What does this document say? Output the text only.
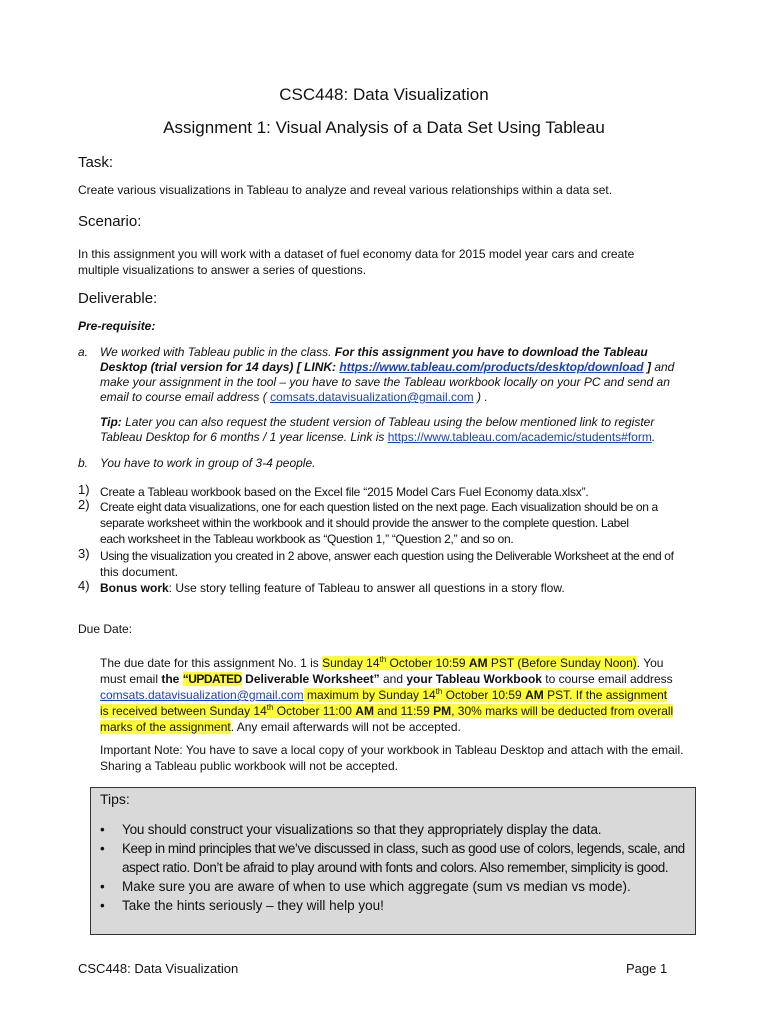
CSC448: Data Visualization
Assignment 1: Visual Analysis of a Data Set Using Tableau
Task:
Create various visualizations in Tableau to analyze and reveal various relationships within a data set.
Scenario:
In this assignment you will work with a dataset of fuel economy data for 2015 model year cars and create
multiple visualizations to answer a series of questions.
Deliverable:
Pre-requisite:
a. We worked with Tableau public in the class. For this assignment you have to download the Tableau
Desktop (trial version for 14 days) [ LINK: https://www.tableau.com/products/desktop/download ] and
make your assignment in the tool – you have to save the Tableau workbook locally on your PC and send an
email to course email address ( comsats.datavisualization@gmail.com ) .
Tip: Later you can also request the student version of Tableau using the below mentioned link to register
Tableau Desktop for 6 months / 1 year license. Link is https://www.tableau.com/academic/students#form.
b. You have to work in group of 3-4 people.
1) Create a Tableau workbook based on the Excel file “2015 Model Cars Fuel Economy data.xlsx”.
2) Create eight data visualizations, one for each question listed on the next page. Each visualization should be on a
separate worksheet within the workbook and it should provide the answer to the complete question. Label
each worksheet in the Tableau workbook as “Question 1,” “Question 2,” and so on.
3) Using the visualization you created in 2 above, answer each question using the Deliverable Worksheet at the end of
this document.
4) Bonus work: Use story telling feature of Tableau to answer all questions in a story flow.
Due Date:
The due date for this assignment No. 1 is Sunday 14th October 10:59 AM PST (Before Sunday Noon). You
must email the “UPDATED Deliverable Worksheet” and your Tableau Workbook to course email address
comsats.datavisualization@gmail.com maximum by Sunday 14th October 10:59 AM PST. If the assignment
is received between Sunday 14th October 11:00 AM and 11:59 PM, 30% marks will be deducted from overall
marks of the assignment. Any email afterwards will not be accepted.
Important Note: You have to save a local copy of your workbook in Tableau Desktop and attach with the email.
Sharing a Tableau public workbook will not be accepted.
Tips:
• You should construct your visualizations so that they appropriately display the data.
• Keep in mind principles that we’ve discussed in class, such as good use of colors, legends, scale, and aspect ratio. Don’t be afraid to play around with fonts and colors. Also remember, simplicity is good.
• Make sure you are aware of when to use which aggregate (sum vs median vs mode).
• Take the hints seriously – they will help you!
CSC448: Data Visualization	Page 1
